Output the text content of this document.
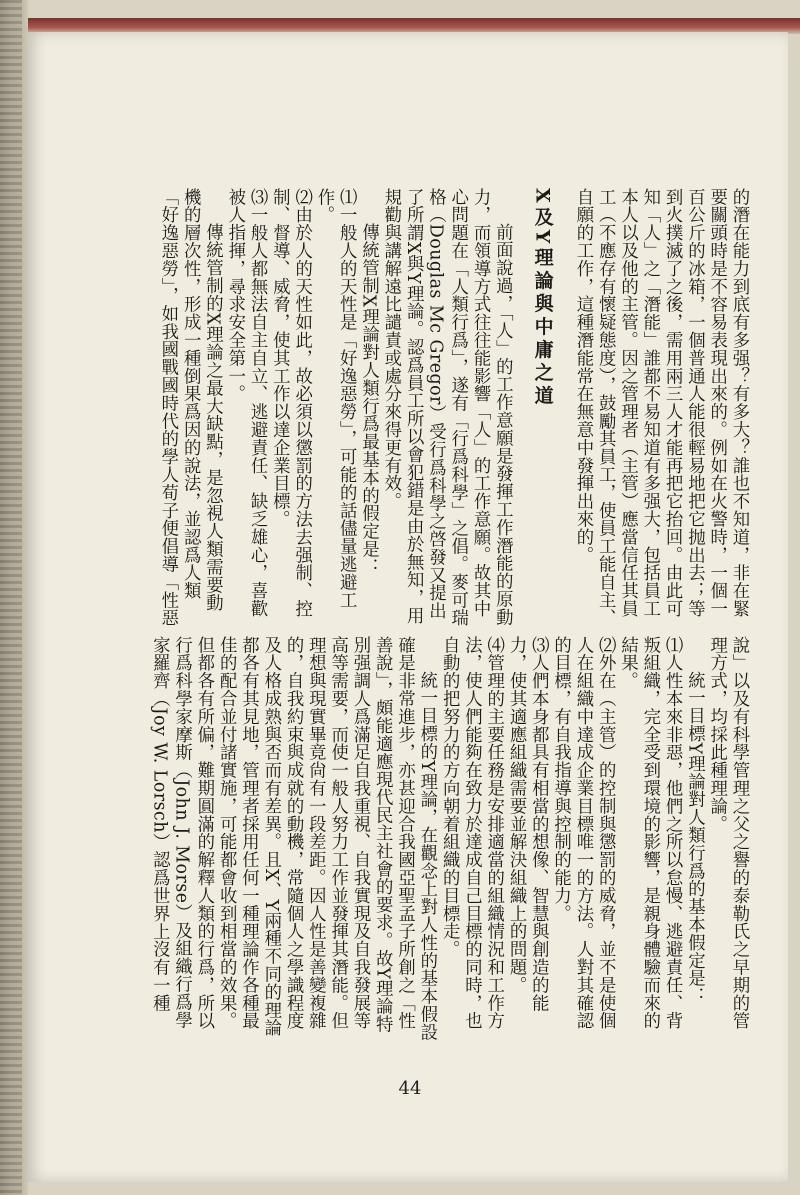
的潛在能力到底有多强？有多大？誰也不知道，非在緊要關頭時是不容易表現出來的。例如在火警時，一個一百公斤的冰箱，一個普通人能很輕易地把它抛出去；等到火撲滅了之後，需用兩三人才能再把它抬回。由此可知「人」之「潛能」誰都不易知道有多强大，包括員工本人以及他的主管。因之管理者（主管）應當信任其員工（不應存有懷疑態度），鼓勵其員工，使員工能自主、自願的工作，這種潛能常在無意中發揮出來的。

X及Y理論與中庸之道

前面說過，「人」的工作意願是發揮工作潛能的原動力，而領導方式往往能影響「人」的工作意願。故其中心問題在「人類行爲」，遂有「行爲科學」之倡。麥可瑞格（Douglas Mc Gregor）受行爲科學之啓發又提出了所謂X與Y理論。認爲員工所以會犯錯是由於無知，用規勸與講解遠比譴責或處分來得更有效。

傳統管制X理論對人類行爲最基本的假定是：

⑴一般人的天性是「好逸惡勞」，可能的話儘量逃避工作。

⑵由於人的天性如此，故必須以懲罰的方法去强制、控制、督導、威脅，使其工作以達企業目標。

⑶一般人都無法自主自立、逃避責任、缺乏雄心，喜歡被人指揮，尋求安全第一。

傳統管制的X理論之最大缺點，是忽視人類需要動機的層次性，形成一種倒果爲因的說法，並認爲人類「好逸惡勞」，如我國戰國時代的學人荀子便倡導「性惡

說」以及有科學管理之父之譽的泰勒氏之早期的管理方式，均採此種理論。

統一目標Y理論對人類行爲的基本假定是：

⑴人性本來非惡，他們之所以怠慢、逃避責任、背叛組織，完全受到環境的影響，是親身體驗而來的結果。

⑵外在（主管）的控制與懲罰的威脅，並不是使個人在組織中達成企業目標唯一的方法。人對其確認的目標，有自我指導與控制的能力。

⑶人們本身都具有相當的想像、智慧與創造的能力，使其適應組織需要並解決組織上的問題。

⑷管理的主要任務是安排適當的組織情況和工作方法，使人們能夠在致力於達成自己目標的同時，也自動的把努力的方向朝着組織的目標走。

統一目標的Y理論，在觀念上對人性的基本假設確是非常進步，亦甚迎合我國亞聖孟子所創之「性善說」，頗能適應現代民主社會的要求。故Y理論特別强調人爲滿足自我重視、自我實現及自我發展等高等需要，而使一般人努力工作並發揮其潛能。但理想與現實畢竟尙有一段差距。因人性是善變複雜的，自我約束與成就的動機，常隨個人之學識程度及人格成熟與否而有差異。且X、Y兩種不同的理論都各有其見地，管理者採用任何一種理論作各種最佳的配合並付諸實施，可能都會收到相當的效果。但都各有所偏，難期圓滿的解釋人類的行爲，所以行爲科學家摩斯（John J. Morse）及組織行爲學家羅齊（Joy W. Lorsch）認爲世界上沒有一種

44
